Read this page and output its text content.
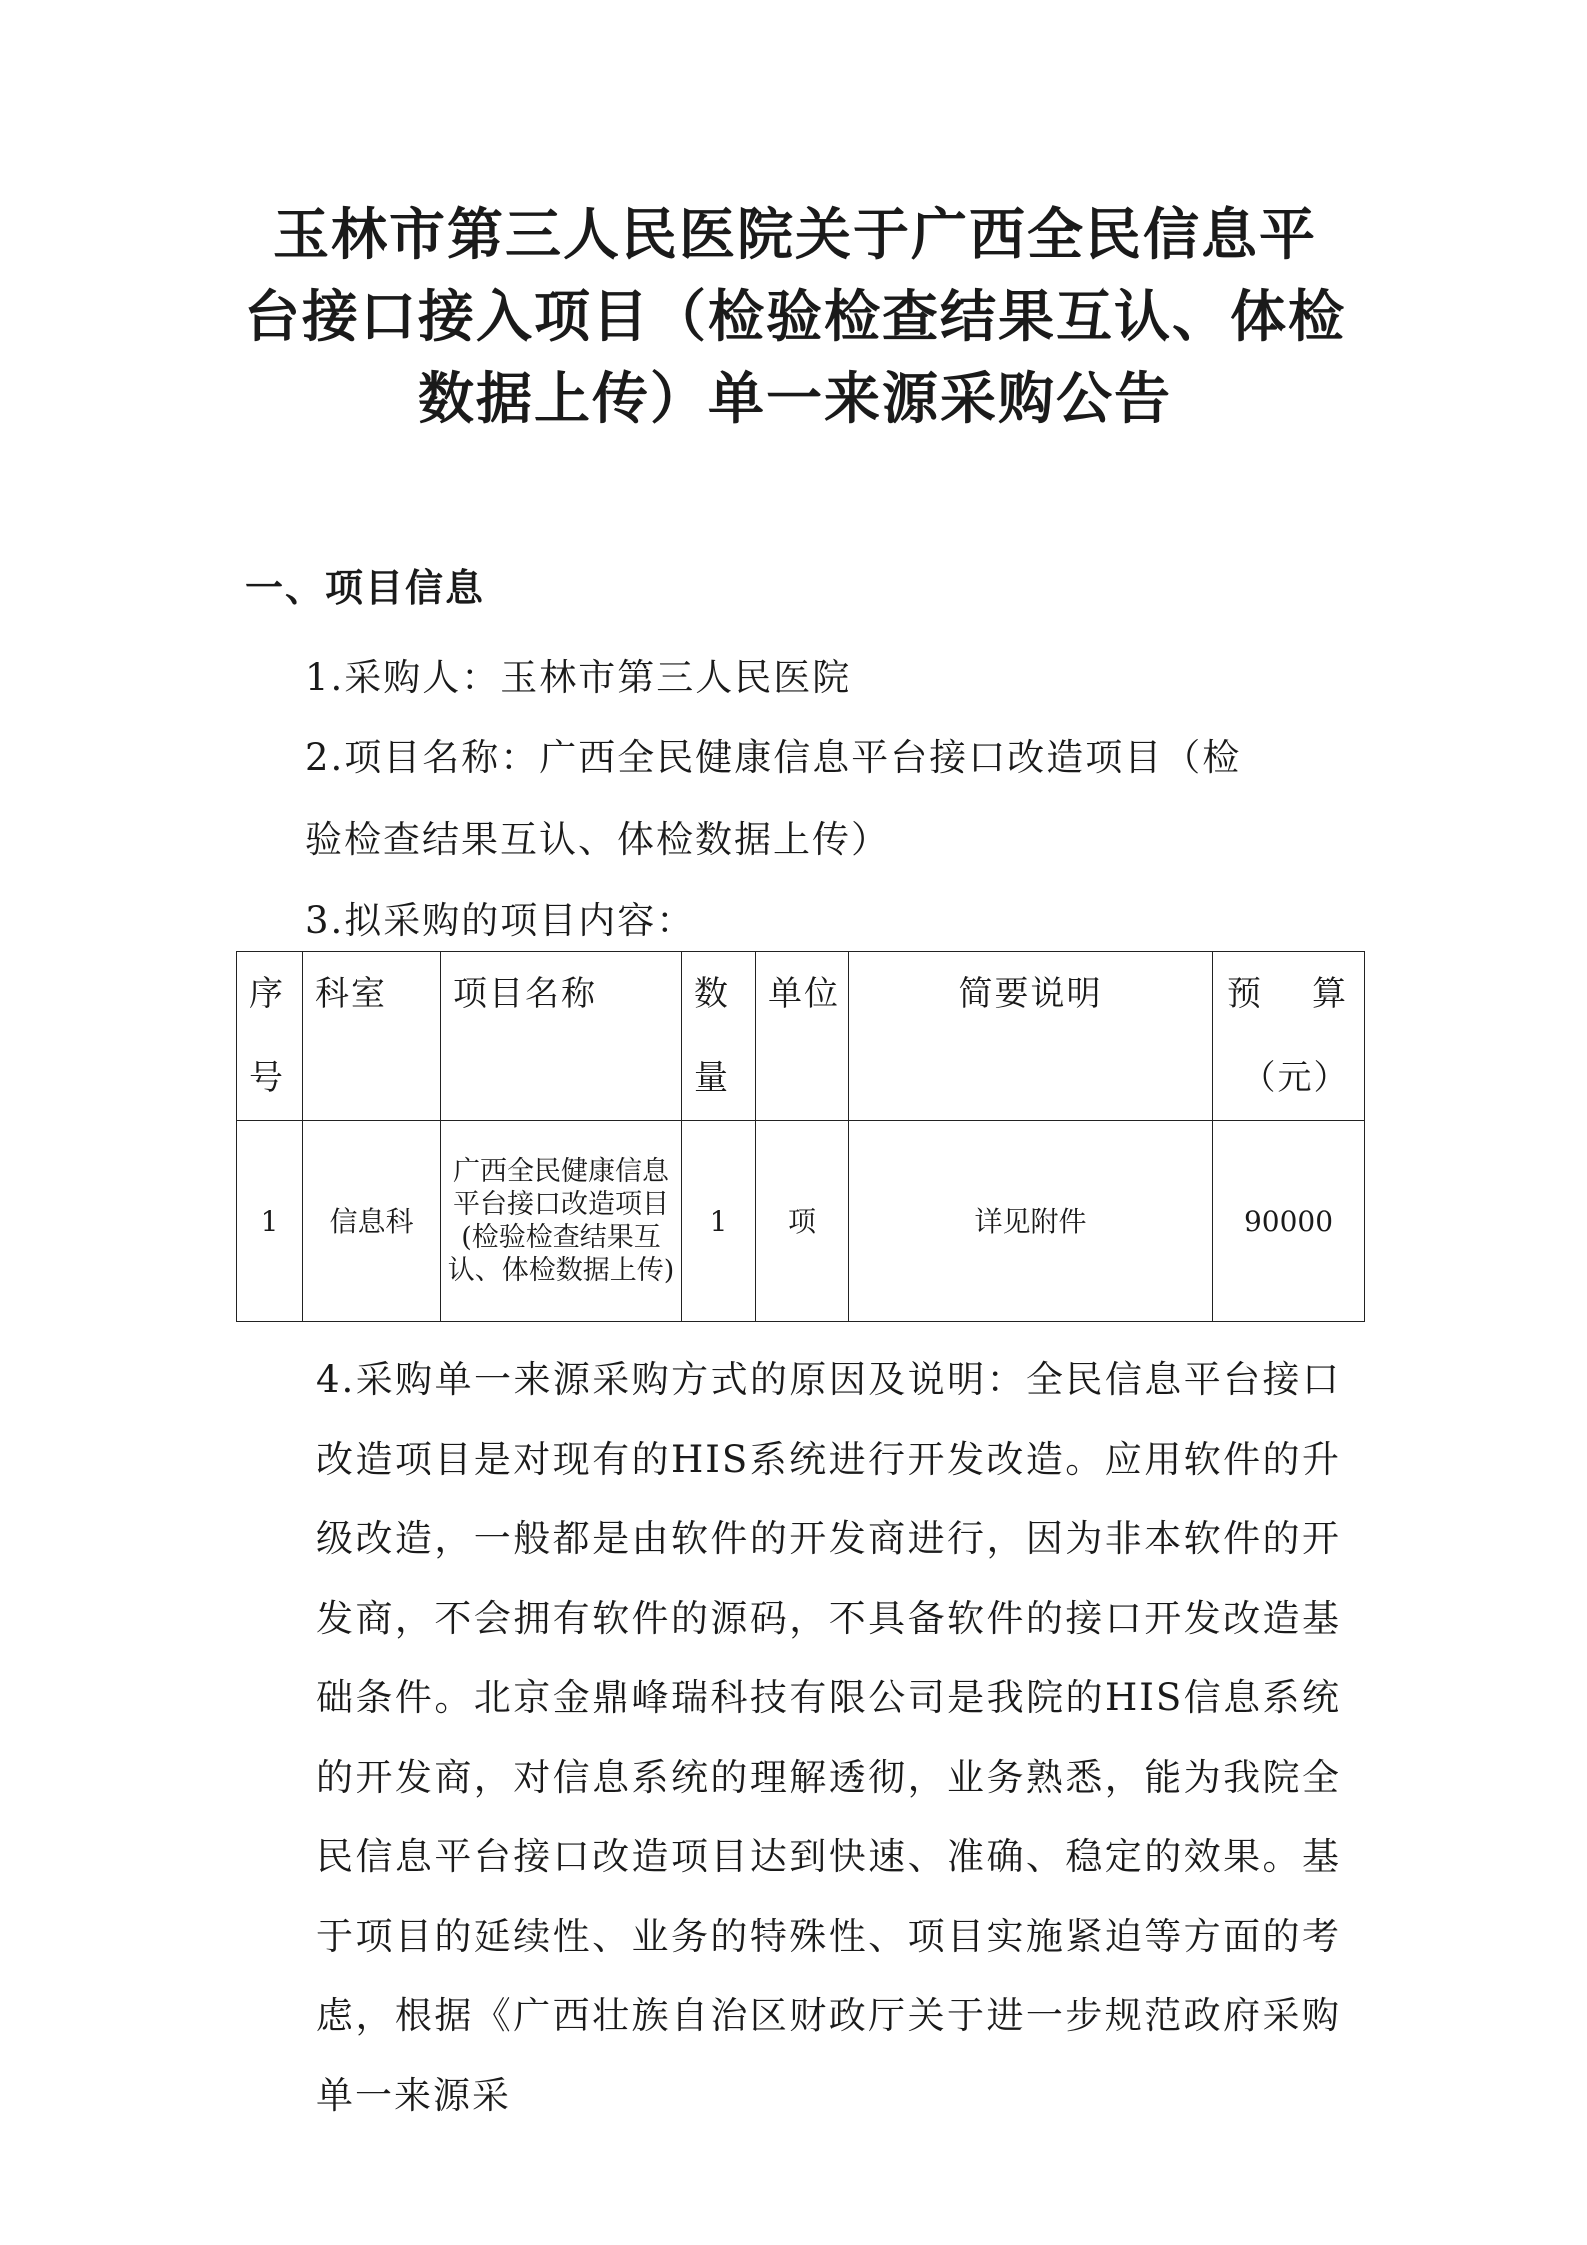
玉林市第三人民医院关于广西全民信息平
台接口接入项目（检验检查结果互认、体检
数据上传）单一来源采购公告
一、项目信息
1.采购人：玉林市第三人民医院
2.项目名称：广西全民健康信息平台接口改造项目（检
验检查结果互认、体检数据上传）
3.拟采购的项目内容：
序号	科室	项目名称	数量	单位	简要说明	预 算
（元）

1	信息科	广西全民健康信息平台接口改造项目(检验检查结果互认、体检数据上传)	1	项	详见附件	90000
4.采购单一来源采购方式的原因及说明：全民信息平台接口改造项目是对现有的HIS系统进行开发改造。应用软件的升级改造，一般都是由软件的开发商进行，因为非本软件的开发商，不会拥有软件的源码，不具备软件的接口开发改造基础条件。北京金鼎峰瑞科技有限公司是我院的HIS信息系统的开发商，对信息系统的理解透彻，业务熟悉，能为我院全民信息平台接口改造项目达到快速、准确、稳定的效果。基于项目的延续性、业务的特殊性、项目实施紧迫等方面的考虑，根据《广西壮族自治区财政厅关于进一步规范政府采购单一来源采
